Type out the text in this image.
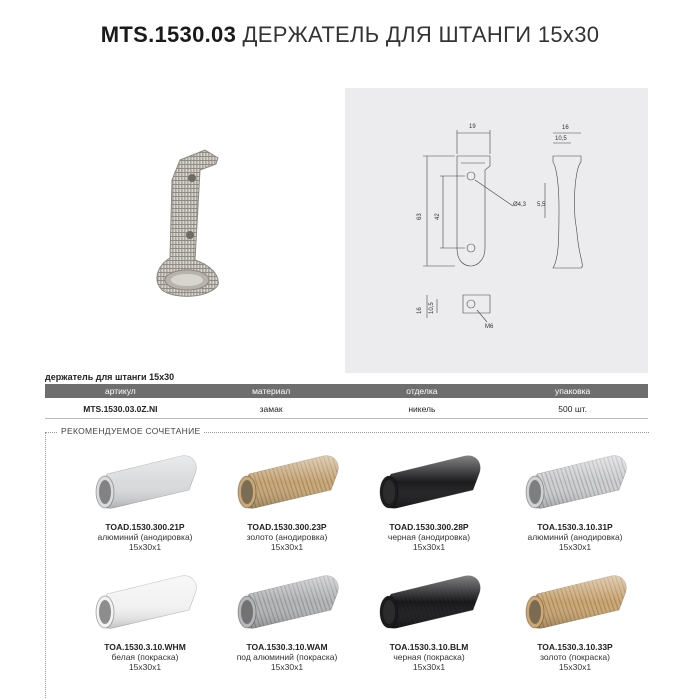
MTS.1530.03 ДЕРЖАТЕЛЬ ДЛЯ ШТАНГИ 15х30
19
63 42
Ø4,3
16
10,5
5,5
16 10,5
M6
держатель для штанги 15х30
артикул	материал	отделка	упаковка
MTS.1530.03.0Z.NI	замак	никель	500 шт.
РЕКОМЕНДУЕМОЕ СОЧЕТАНИЕ
TOAD.1530.300.21P
алюминий (анодировка)
15x30x1
TOAD.1530.300.23P
золото (анодировка)
15x30x1
TOAD.1530.300.28P
черная (анодировка)
15x30x1
TOA.1530.3.10.31P
алюминий (анодировка)
15x30x1
TOA.1530.3.10.WHM
белая (покраска)
15x30x1
TOA.1530.3.10.WAM
под алюминий (покраска)
15x30x1
TOA.1530.3.10.BLM
черная (покраска)
15x30x1
TOA.1530.3.10.33P
золото (покраска)
15x30x1
